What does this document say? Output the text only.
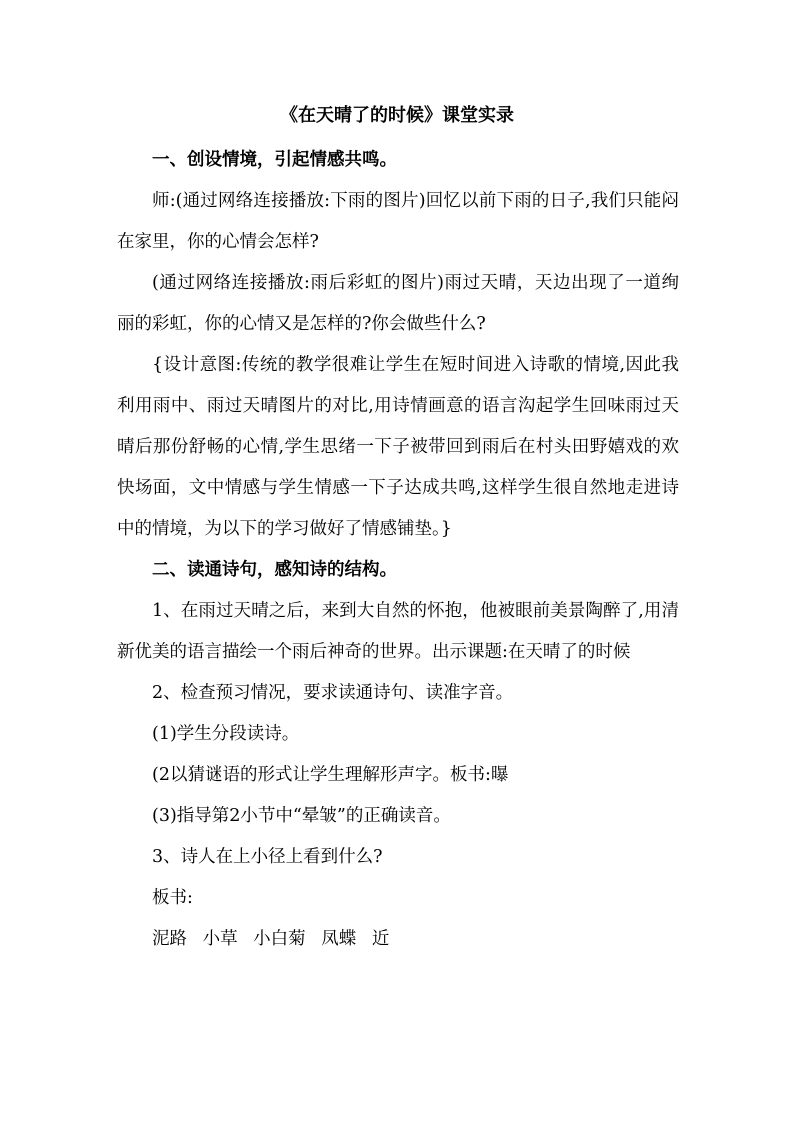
《在天晴了的时候》课堂实录

一、创设情境，引起情感共鸣。

师:(通过网络连接播放:下雨的图片)回忆以前下雨的日子,我们只能闷在家里，你的心情会怎样?

(通过网络连接播放:雨后彩虹的图片)雨过天晴，天边出现了一道绚丽的彩虹，你的心情又是怎样的?你会做些什么?

{设计意图:传统的教学很难让学生在短时间进入诗歌的情境,因此我利用雨中、雨过天晴图片的对比,用诗情画意的语言沟起学生回味雨过天晴后那份舒畅的心情,学生思绪一下子被带回到雨后在村头田野嬉戏的欢快场面，文中情感与学生情感一下子达成共鸣,这样学生很自然地走进诗中的情境，为以下的学习做好了情感铺垫。}

二、读通诗句，感知诗的结构。

1、在雨过天晴之后，来到大自然的怀抱，他被眼前美景陶醉了,用清新优美的语言描绘一个雨后神奇的世界。出示课题:在天晴了的时候

2、检查预习情况，要求读通诗句、读准字音。

(1)学生分段读诗。

(2以猜谜语的形式让学生理解形声字。板书:曝

(3)指导第2小节中“晕皱”的正确读音。

3、诗人在上小径上看到什么?

板书:

泥路 小草 小白菊 凤蝶 近
